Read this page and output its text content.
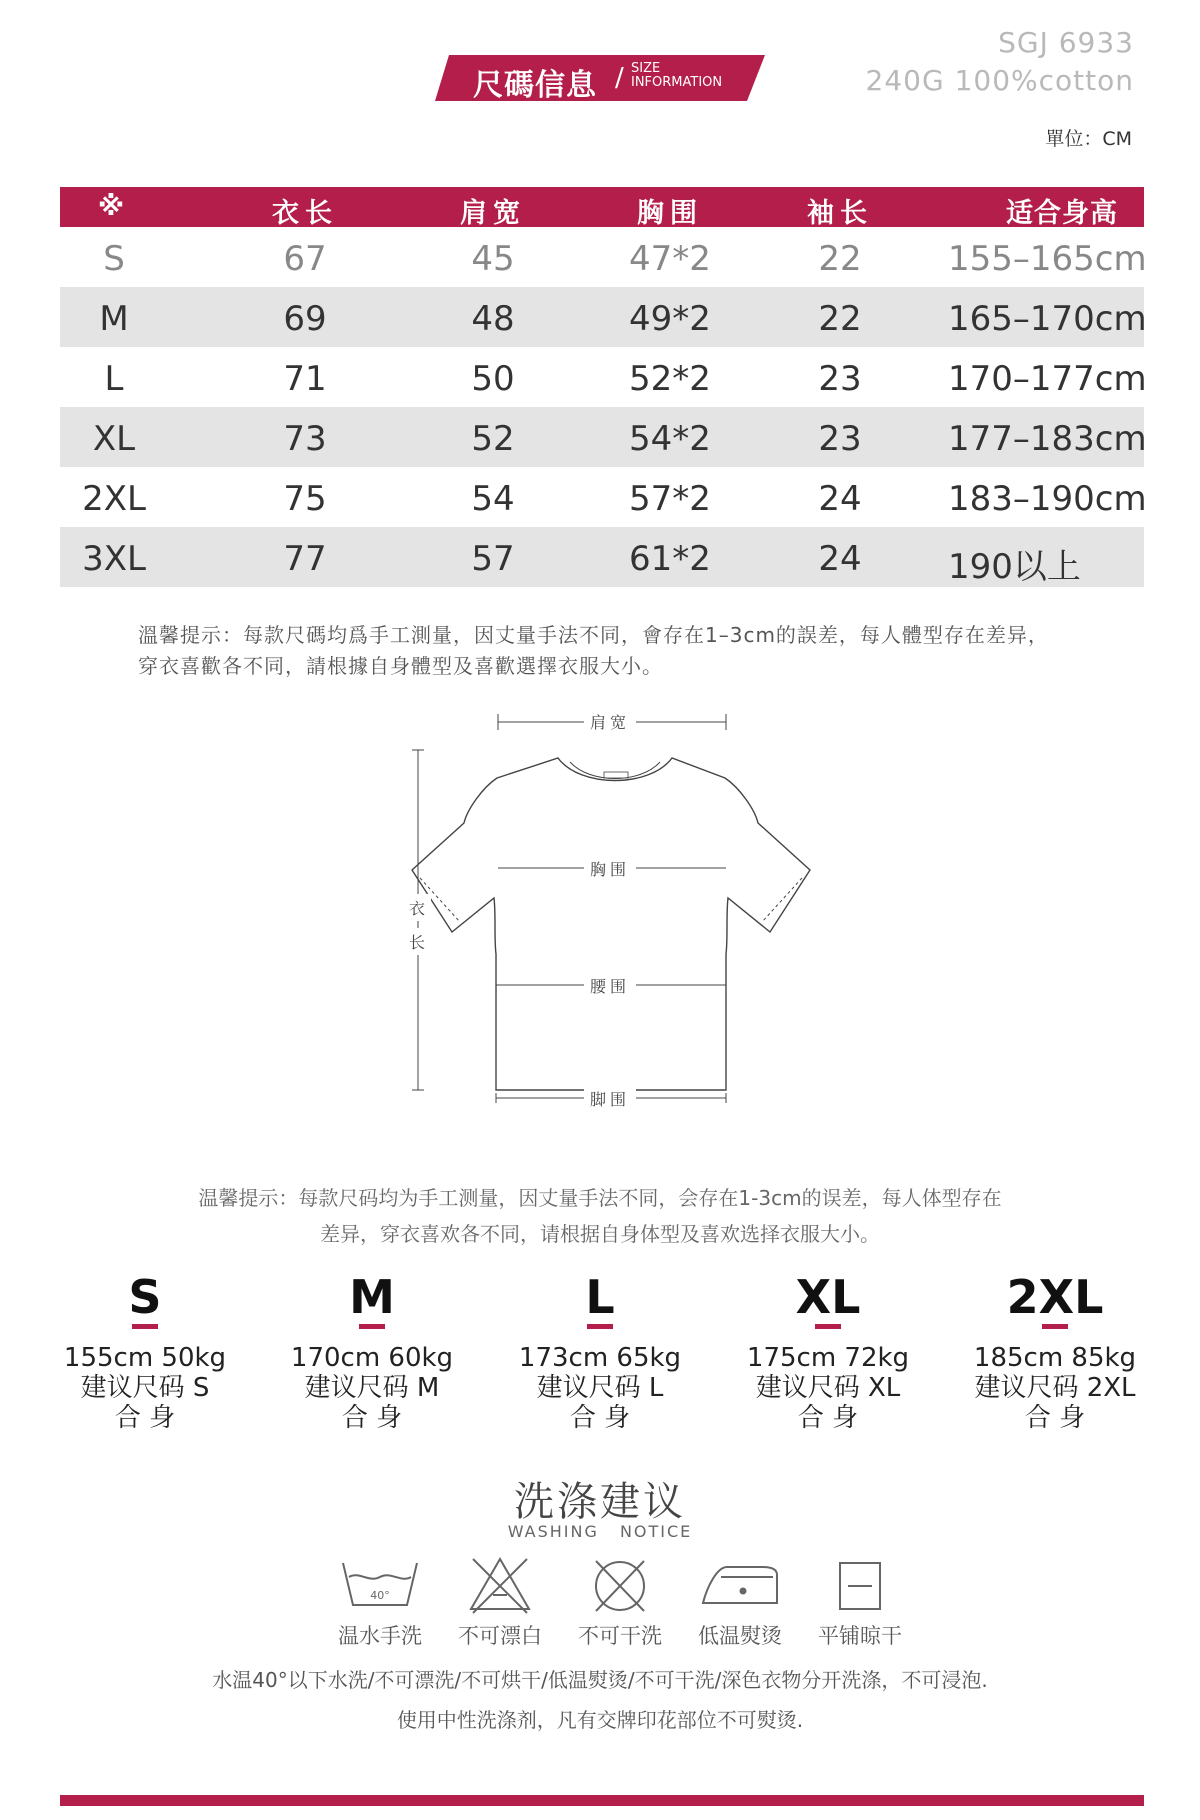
尺碼信息 / SIZE
INFORMATION
SGJ 6933
240G 100%cotton
單位：CM
※	衣长	肩宽	胸围	袖长	适合身高
S	67	45	47*2	22	155–165cm
M	69	48	49*2	22	165–170cm
L	71	50	52*2	23	170–177cm
XL	73	52	54*2	23	177–183cm
2XL	75	54	57*2	24	183–190cm
3XL	77	57	61*2	24	190以上
溫馨提示：每款尺碼均爲手工測量，因丈量手法不同，會存在1–3cm的誤差，每人體型存在差异，
穿衣喜歡各不同，請根據自身體型及喜歡選擇衣服大小。
肩宽
胸围
腰围
脚围
衣
长
温馨提示：每款尺码均为手工测量，因丈量手法不同，会存在1-3cm的误差，每人体型存在
差异，穿衣喜欢各不同，请根据自身体型及喜欢选择衣服大小。
S
155cm 50kg
建议尺码 S
合 身
M
170cm 60kg
建议尺码 M
合 身
L
173cm 65kg
建议尺码 L
合 身
XL
175cm 72kg
建议尺码 XL
合 身
2XL
185cm 85kg
建议尺码 2XL
合 身
洗涤建议
WASHING NOTICE
40°
温水手洗	不可漂白	不可干洗	低温熨烫	平铺晾干
水温40°以下水洗/不可漂洗/不可烘干/低温熨烫/不可干洗/深色衣物分开洗涤，不可浸泡.
使用中性洗涤剂，凡有交牌印花部位不可熨烫.
